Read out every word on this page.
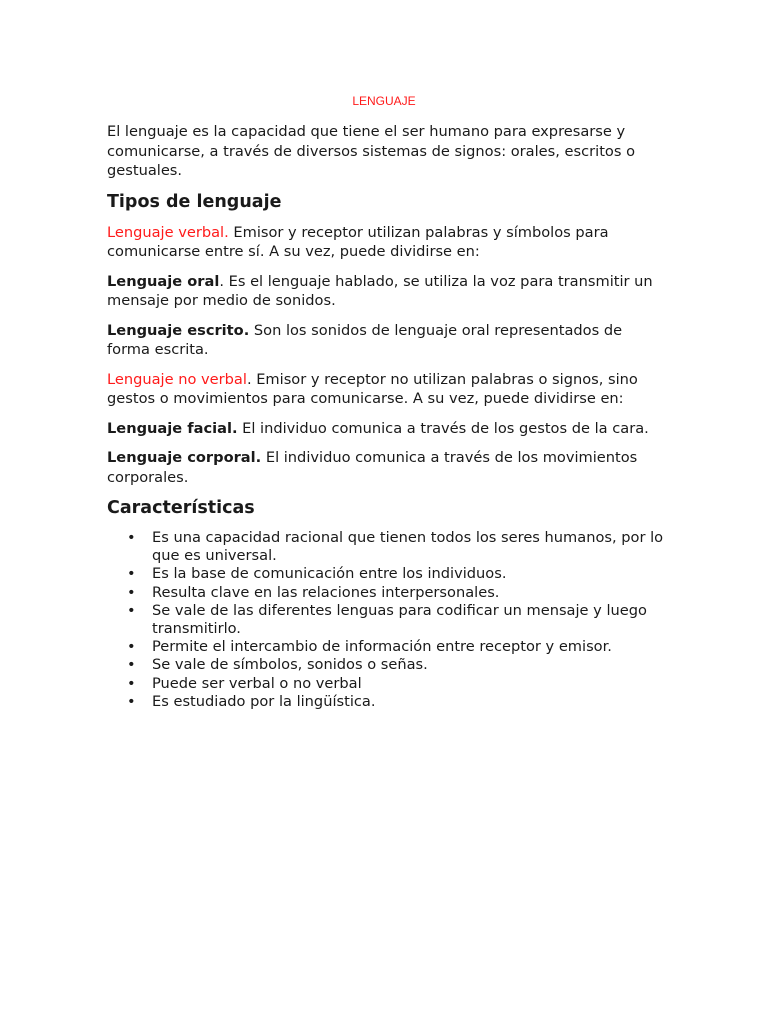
LENGUAJE

El lenguaje es la capacidad que tiene el ser humano para expresarse y comunicarse, a través de diversos sistemas de signos: orales, escritos o gestuales.

Tipos de lenguaje

Lenguaje verbal. Emisor y receptor utilizan palabras y símbolos para comunicarse entre sí. A su vez, puede dividirse en:

Lenguaje oral. Es el lenguaje hablado, se utiliza la voz para transmitir un mensaje por medio de sonidos.

Lenguaje escrito. Son los sonidos de lenguaje oral representados de forma escrita.

Lenguaje no verbal. Emisor y receptor no utilizan palabras o signos, sino gestos o movimientos para comunicarse. A su vez, puede dividirse en:

Lenguaje facial. El individuo comunica a través de los gestos de la cara.

Lenguaje corporal. El individuo comunica a través de los movimientos corporales.

Características
• Es una capacidad racional que tienen todos los seres humanos, por lo que es universal.
• Es la base de comunicación entre los individuos.
• Resulta clave en las relaciones interpersonales.
• Se vale de las diferentes lenguas para codificar un mensaje y luego transmitirlo.
• Permite el intercambio de información entre receptor y emisor.
• Se vale de símbolos, sonidos o señas.
• Puede ser verbal o no verbal
• Es estudiado por la lingüística.
